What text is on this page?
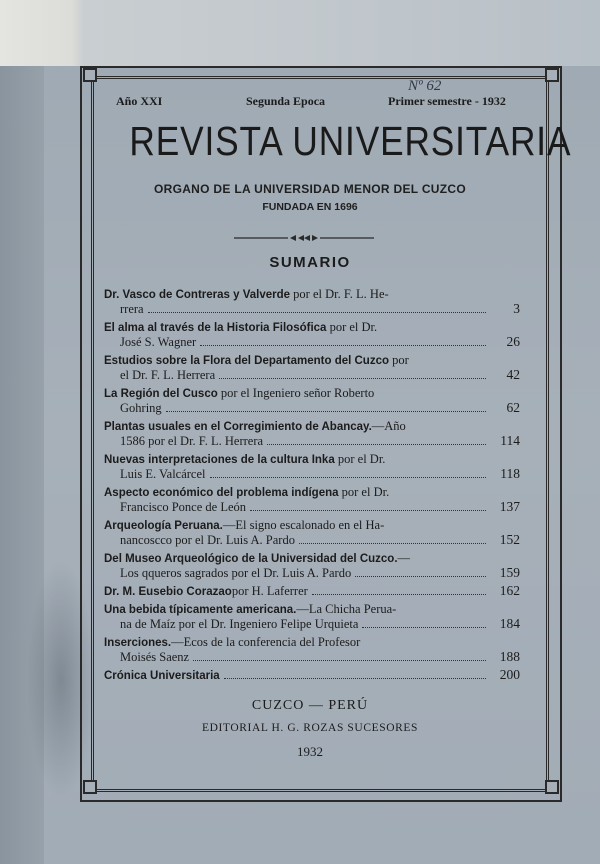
Nº 62
Año XXI	Segunda Epoca	Primer semestre - 1932
REVISTA UNIVERSITARIA
ORGANO DE LA UNIVERSIDAD MENOR DEL CUZCO
FUNDADA EN 1696
SUMARIO
Dr. Vasco de Contreras y Valverde por el Dr. F. L. He-
rrera	3
El alma al través de la Historia Filosófica por el Dr.
José S. Wagner	26
Estudios sobre la Flora del Departamento del Cuzco por
el Dr. F. L. Herrera	42
La Región del Cusco por el Ingeniero señor Roberto
Gohring	62
Plantas usuales en el Corregimiento de Abancay.—Año
1586 por el Dr. F. L. Herrera	114
Nuevas interpretaciones de la cultura Inka por el Dr.
Luis E. Valcárcel	118
Aspecto económico del problema indígena por el Dr.
Francisco Ponce de León	137
Arqueología Peruana.—El signo escalonado en el Ha-
nancoscco por el Dr. Luis A. Pardo	152
Del Museo Arqueológico de la Universidad del Cuzco.—
Los qqueros sagrados por el Dr. Luis A. Pardo	159
Dr. M. Eusebio Corazao por H. Laferrer	162
Una bebida típicamente americana.—La Chicha Perua-
na de Maíz por el Dr. Ingeniero Felipe Urquieta	184
Inserciones.—Ecos de la conferencia del Profesor
Moisés Saenz	188
Crónica Universitaria	200
CUZCO — PERÚ
EDITORIAL H. G. ROZAS SUCESORES
1932
